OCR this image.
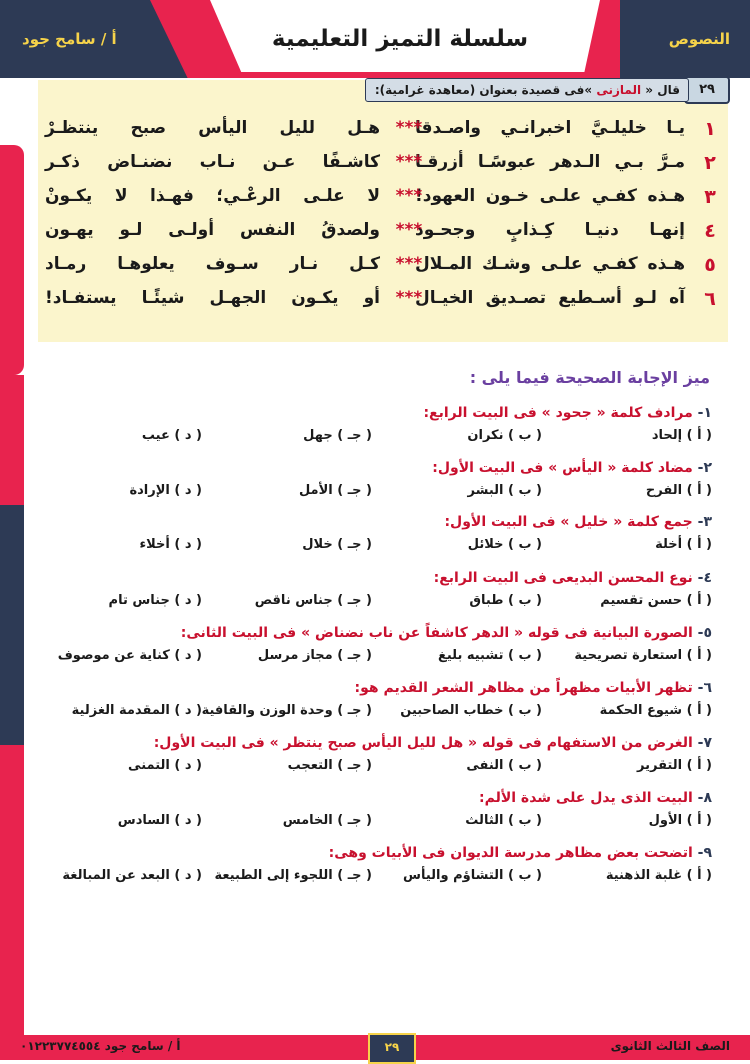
أ / سامح جود	سلسلة التميز التعليمية	النصوص
٢٩
قال « المازنى »فى قصيدة بعنوان (معاهدة غرامية):
١
يـا خليلـيَّ اخبرانـي واصـدقا
***
هـل لليل اليأس صبح ينتظـرْ
٢
مـرَّ بـي الـدهر عبوسًـا أزرقـا
***
كاشـفًا عـن نـاب نضنـاض ذكـر
٣
هـذه كفـي علـى خـون العهود!
***
لا علـى الرعْـي؛ فهـذا لا يكـونْ
٤
إنهـا دنيـا كِـذابٍ وجحـود
***
ولصدقُ النفس أولـى لـو يهـون
٥
هـذه كفـي علـى وشـك المـلال
***
كـل نـار سـوف يعلوهـا رمـاد
٦
آه لـو أسـطيع تصـديق الخيـال
***
أو يكـون الجهـل شيئًـا يستفـاد!
ميز الإجابة الصحيحة فيما يلى :
١- مرادف كلمة « جحود » فى البيت الرابع:
( أ ) إلحاد
( ب ) نكران
( جـ ) جهل
( د ) عيب
٢- مضاد كلمة « اليأس » فى البيت الأول:
( أ ) الفرح
( ب ) البشر
( جـ ) الأمل
( د ) الإرادة
٣- جمع كلمة « خليل » فى البيت الأول:
( أ ) أخلة
( ب ) خلائل
( جـ ) خلال
( د ) أخلاء
٤- نوع المحسن البديعى فى البيت الرابع:
( أ ) حسن تقسيم
( ب ) طباق
( جـ ) جناس ناقص
( د ) جناس تام
٥- الصورة البيانية فى قوله « الدهر كاشفاً عن ناب نضناض » فى البيت الثانى:
( أ ) استعارة تصريحية
( ب ) تشبيه بليغ
( جـ ) مجاز مرسل
( د ) كناية عن موصوف
٦- تظهر الأبيات مظهراً من مظاهر الشعر القديم هو:
( أ ) شيوع الحكمة
( ب ) خطاب الصاحبين
( جـ ) وحدة الوزن والقافية
( د ) المقدمة الغزلية
٧- الغرض من الاستفهام فى قوله « هل لليل اليأس صبح ينتظر » فى البيت الأول:
( أ ) التقرير
( ب ) النفى
( جـ ) التعجب
( د ) التمنى
٨- البيت الذى يدل على شدة الألم:
( أ ) الأول
( ب ) الثالث
( جـ ) الخامس
( د ) السادس
٩- اتضحت بعض مظاهر مدرسة الديوان فى الأبيات وهى:
( أ ) غلبة الذهنية
( ب ) التشاؤم واليأس
( جـ ) اللجوء إلى الطبيعة
( د ) البعد عن المبالغة
الصف الثالث الثانوى
٢٩
أ / سامح جود ٠١٢٢٣٧٧٤٥٥٤
